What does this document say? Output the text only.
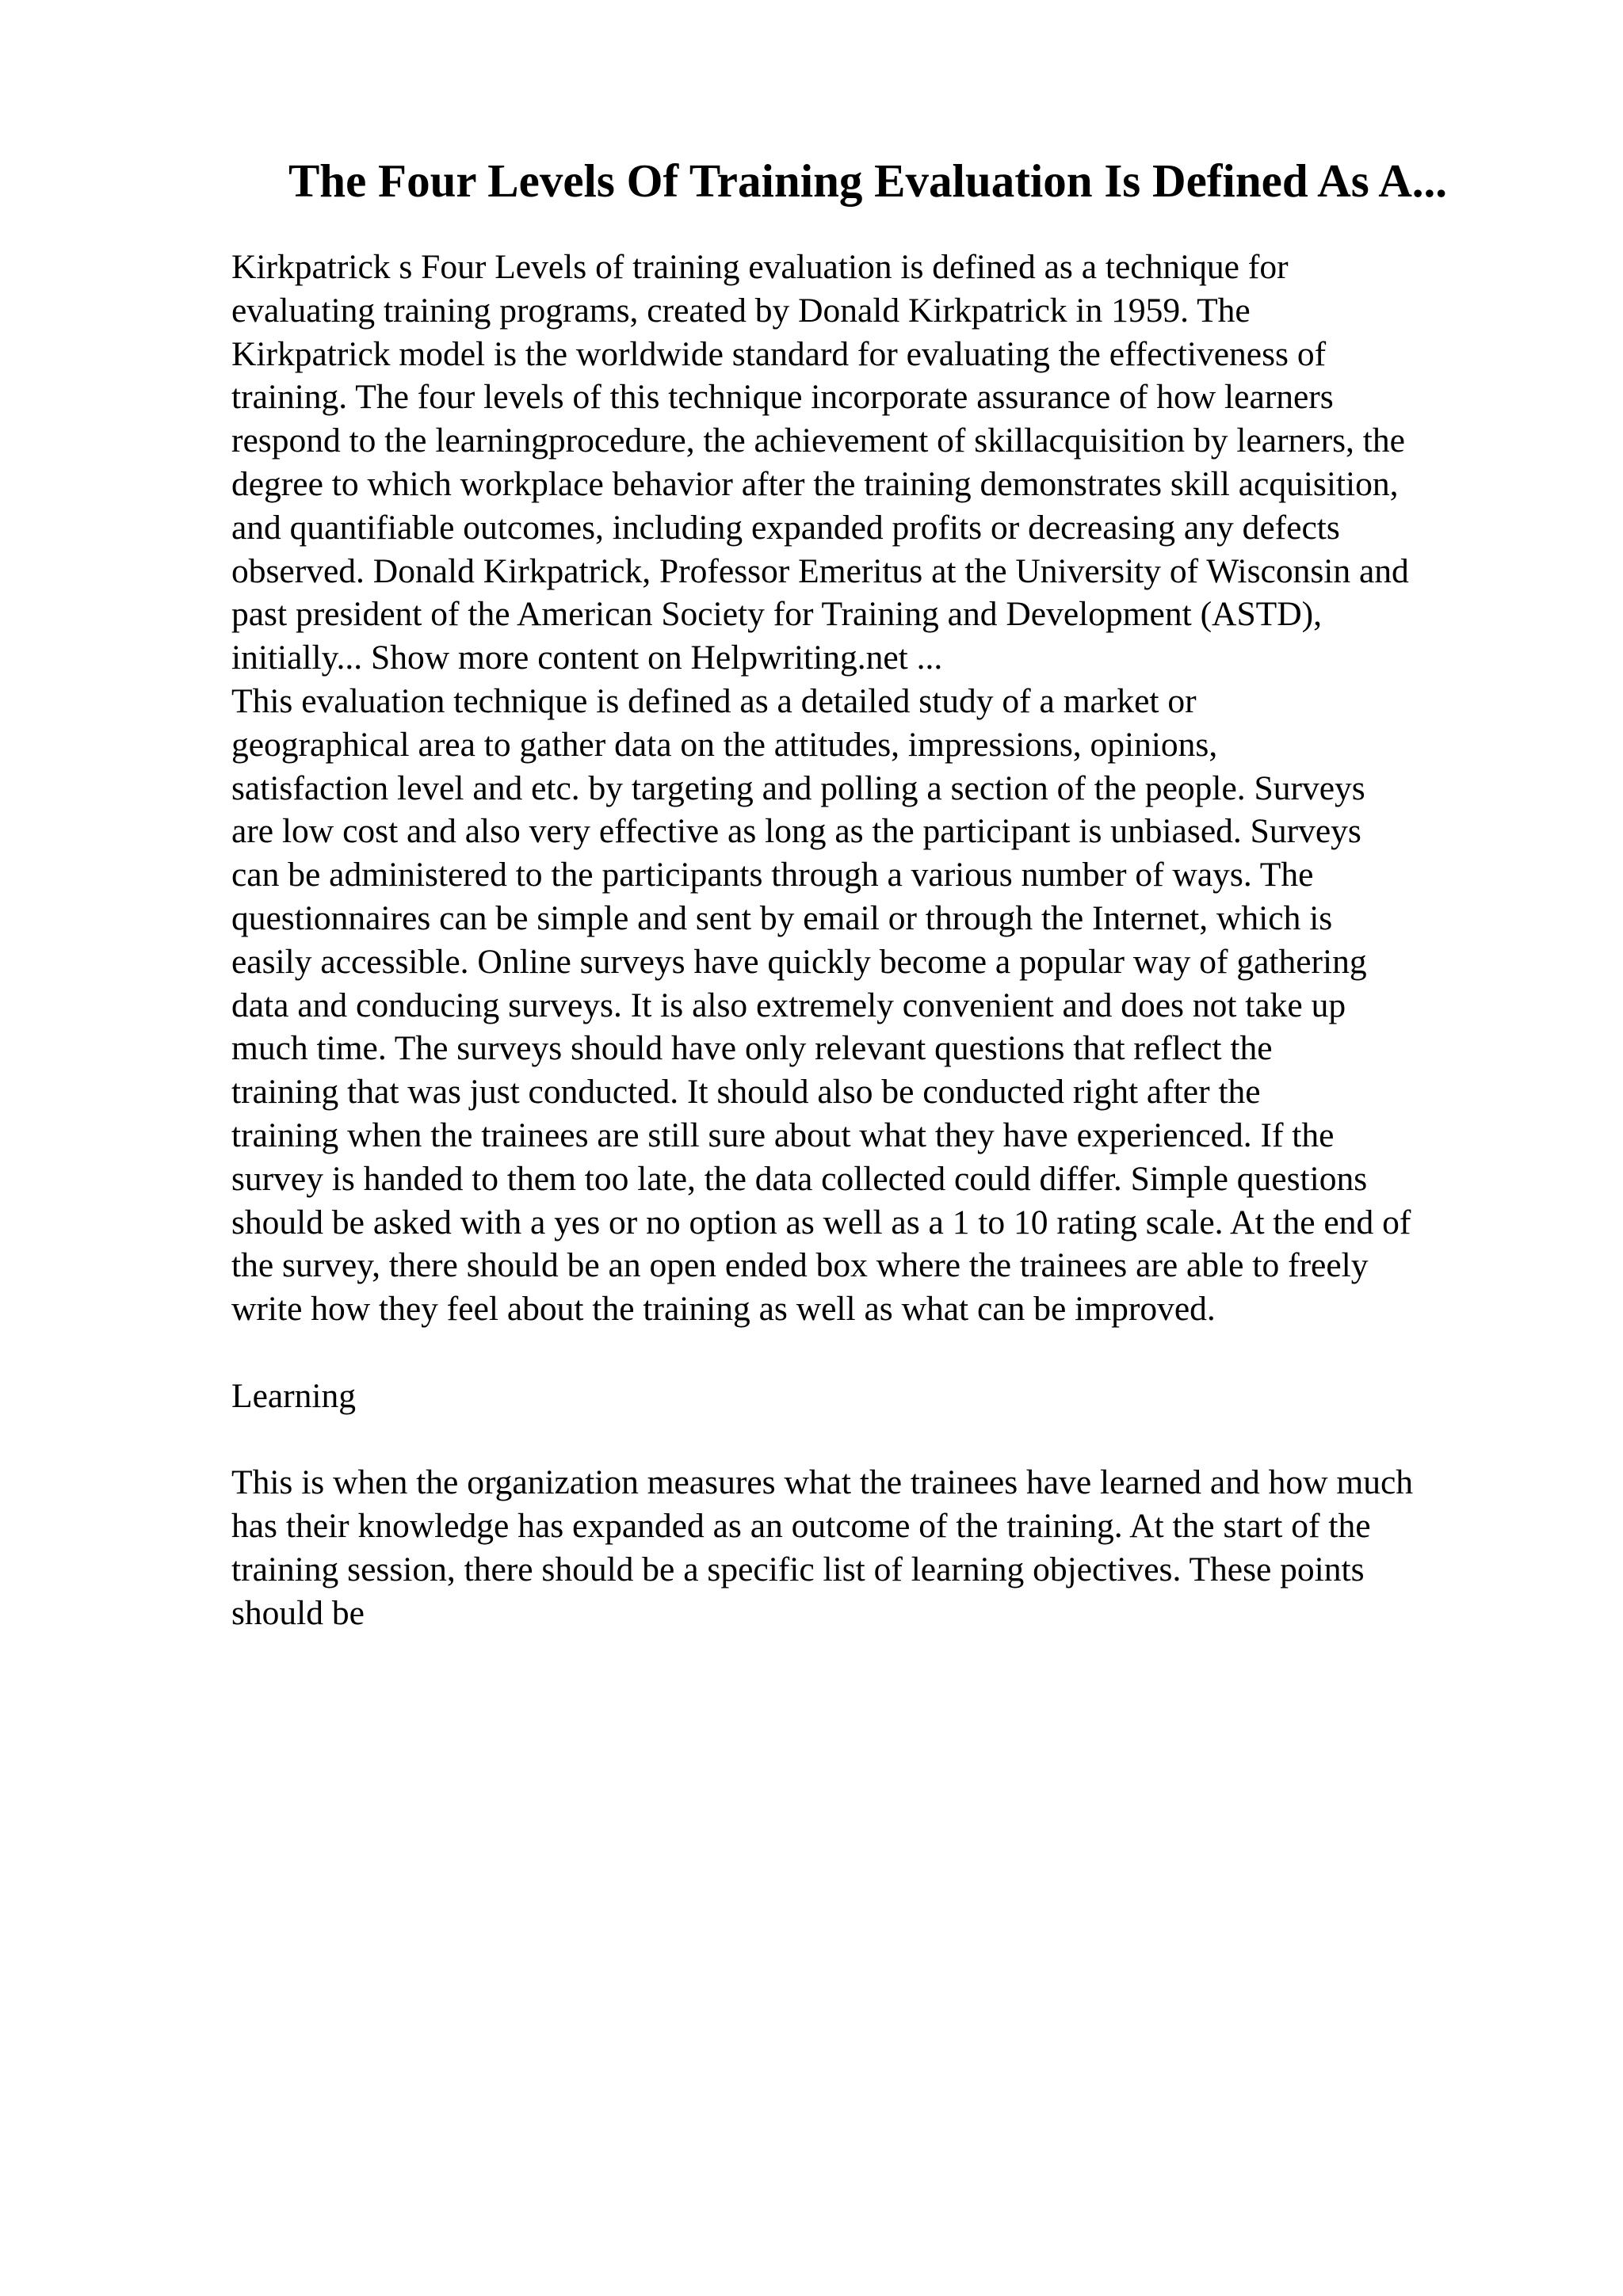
The Four Levels Of Training Evaluation Is Defined As A...
Kirkpatrick s Four Levels of training evaluation is defined as a technique for
evaluating training programs, created by Donald Kirkpatrick in 1959. The
Kirkpatrick model is the worldwide standard for evaluating the effectiveness of
training. The four levels of this technique incorporate assurance of how learners
respond to the learningprocedure, the achievement of skillacquisition by learners, the
degree to which workplace behavior after the training demonstrates skill acquisition,
and quantifiable outcomes, including expanded profits or decreasing any defects
observed. Donald Kirkpatrick, Professor Emeritus at the University of Wisconsin and
past president of the American Society for Training and Development (ASTD),
initially... Show more content on Helpwriting.net ...
This evaluation technique is defined as a detailed study of a market or
geographical area to gather data on the attitudes, impressions, opinions,
satisfaction level and etc. by targeting and polling a section of the people. Surveys
are low cost and also very effective as long as the participant is unbiased. Surveys
can be administered to the participants through a various number of ways. The
questionnaires can be simple and sent by email or through the Internet, which is
easily accessible. Online surveys have quickly become a popular way of gathering
data and conducing surveys. It is also extremely convenient and does not take up
much time. The surveys should have only relevant questions that reflect the
training that was just conducted. It should also be conducted right after the
training when the trainees are still sure about what they have experienced. If the
survey is handed to them too late, the data collected could differ. Simple questions
should be asked with a yes or no option as well as a 1 to 10 rating scale. At the end of
the survey, there should be an open ended box where the trainees are able to freely
write how they feel about the training as well as what can be improved.
Learning
This is when the organization measures what the trainees have learned and how much
has their knowledge has expanded as an outcome of the training. At the start of the
training session, there should be a specific list of learning objectives. These points
should be
